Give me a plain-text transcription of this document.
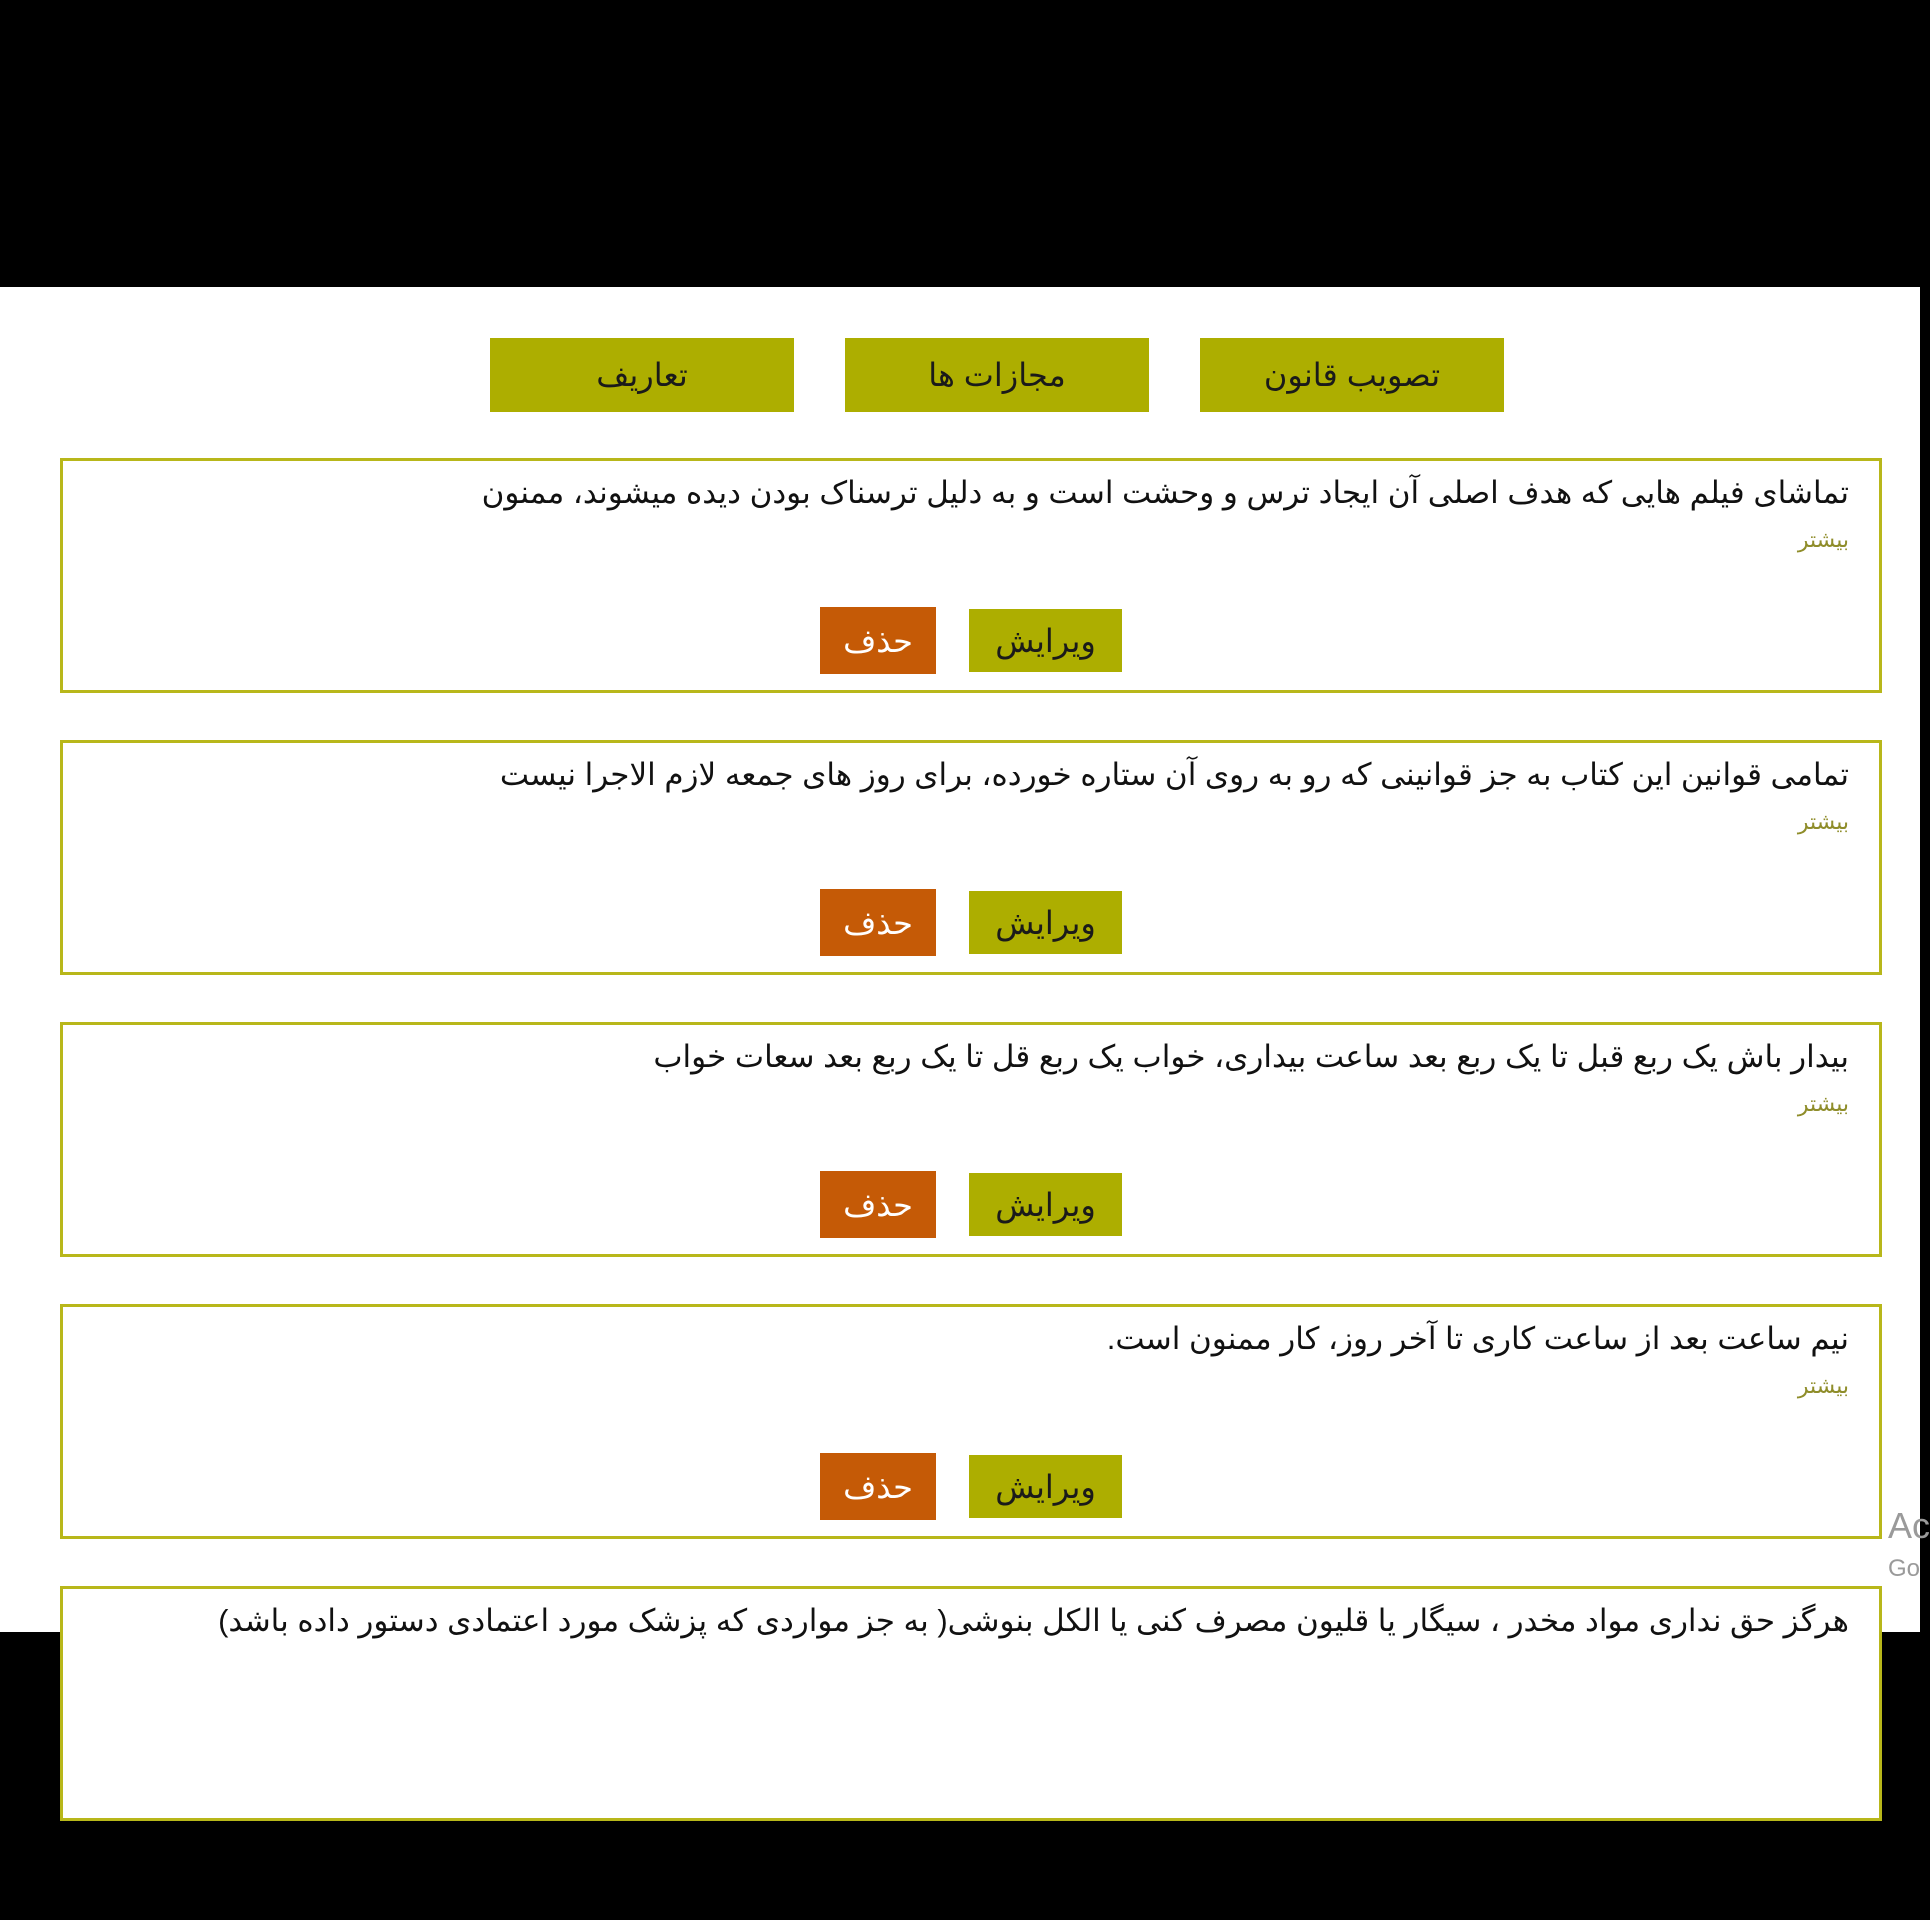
تعاریف	مجازات ها	تصویب قانون
تماشای فیلم هایی که هدف اصلی آن ایجاد ترس و وحشت است و به دلیل ترسناک بودن دیده میشوند، ممنون
بیشتر
ویرایش
حذف
تمامی قوانین این کتاب به جز قوانینی که رو به روی آن ستاره خورده، برای روز های جمعه لازم الاجرا نیست
بیشتر
ویرایش
حذف
بیدار باش یک ربع قبل تا یک ربع بعد ساعت بیداری، خواب یک ربع قل تا یک ربع بعد سعات خواب
بیشتر
ویرایش
حذف
نیم ساعت بعد از ساعت کاری تا آخر روز، کار ممنون است.
بیشتر
ویرایش
حذف
هرگز حق نداری مواد مخدر ، سیگار یا قلیون مصرف کنی یا الکل بنوشی( به جز مواردی که پزشک مورد اعتمادی دستور داده باشد)
Ac
Go
